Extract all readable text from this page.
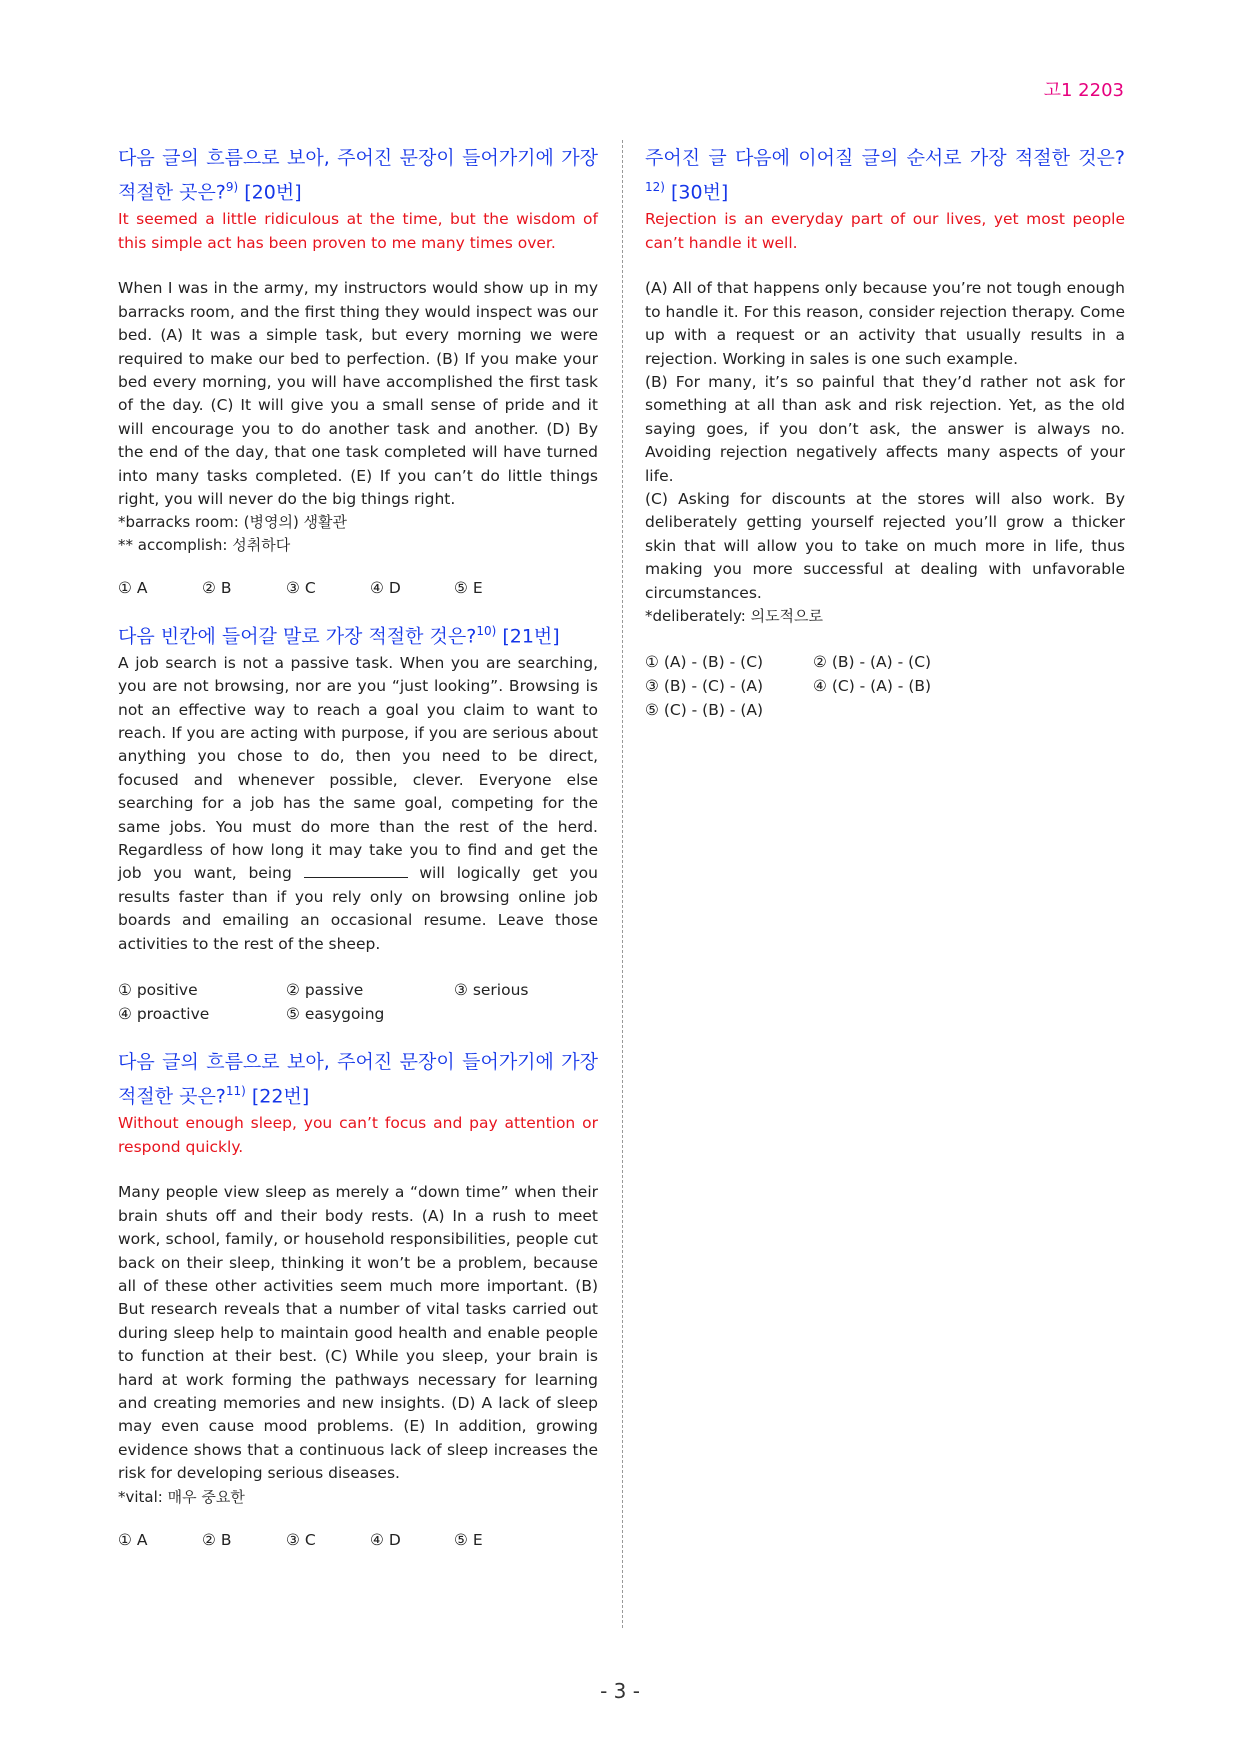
고1 2203

다음 글의 흐름으로 보아, 주어진 문장이 들어가기에 가장 적절한 곳은?$^{9)}$ [20번]

It seemed a little ridiculous at the time, but the wisdom of this simple act has been proven to me many times over.

When I was in the army, my instructors would show up in my barracks room, and the first thing they would inspect was our bed. (A) It was a simple task, but every morning we were required to make our bed to perfection. (B) If you make your bed every morning, you will have accomplished the first task of the day. (C) It will give you a small sense of pride and it will encourage you to do another task and another. (D) By the end of the day, that one task completed will have turned into many tasks completed. (E) If you can’t do little things right, you will never do the big things right.

*barracks room: (병영의) 생활관

** accomplish: 성취하다

① A	② B	③ C	④ D	⑤ E

다음 빈칸에 들어갈 말로 가장 적절한 것은?$^{10)}$ [21번]

A job search is not a passive task. When you are searching, you are not browsing, nor are you “just looking”. Browsing is not an effective way to reach a goal you claim to want to reach. If you are acting with purpose, if you are serious about anything you chose to do, then you need to be direct, focused and whenever possible, clever. Everyone else searching for a job has the same goal, competing for the same jobs. You must do more than the rest of the herd. Regardless of how long it may take you to find and get the job you want, being	will logically get you results faster than if you rely only on browsing online job boards and emailing an occasional resume. Leave those activities to the rest of the sheep.

① positive	② passive	③ serious
④ proactive	⑤ easygoing

다음 글의 흐름으로 보아, 주어진 문장이 들어가기에 가장 적절한 곳은?$^{11)}$ [22번]

Without enough sleep, you can’t focus and pay attention or respond quickly.

Many people view sleep as merely a “down time” when their brain shuts off and their body rests. (A) In a rush to meet work, school, family, or household responsibilities, people cut back on their sleep, thinking it won’t be a problem, because all of these other activities seem much more important. (B) But research reveals that a number of vital tasks carried out during sleep help to maintain good health and enable people to function at their best. (C) While you sleep, your brain is hard at work forming the pathways necessary for learning and creating memories and new insights. (D) A lack of sleep may even cause mood problems. (E) In addition, growing evidence shows that a continuous lack of sleep increases the risk for developing serious diseases.

*vital: 매우 중요한

① A	② B	③ C	④ D	⑤ E

주어진 글 다음에 이어질 글의 순서로 가장 적절한 것은?$^{12)}$ [30번]

Rejection is an everyday part of our lives, yet most people can’t handle it well.

(A) All of that happens only because you’re not tough enough to handle it. For this reason, consider rejection therapy. Come up with a request or an activity that usually results in a rejection. Working in sales is one such example.

(B) For many, it’s so painful that they’d rather not ask for something at all than ask and risk rejection. Yet, as the old saying goes, if you don’t ask, the answer is always no. Avoiding rejection negatively affects many aspects of your life.

(C) Asking for discounts at the stores will also work. By deliberately getting yourself rejected you’ll grow a thicker skin that will allow you to take on much more in life, thus making you more successful at dealing with unfavorable circumstances.

*deliberately: 의도적으로

① (A) - (B) - (C)	② (B) - (A) - (C)
③ (B) - (C) - (A)	④ (C) - (A) - (B)
⑤ (C) - (B) - (A)
- 3 -
